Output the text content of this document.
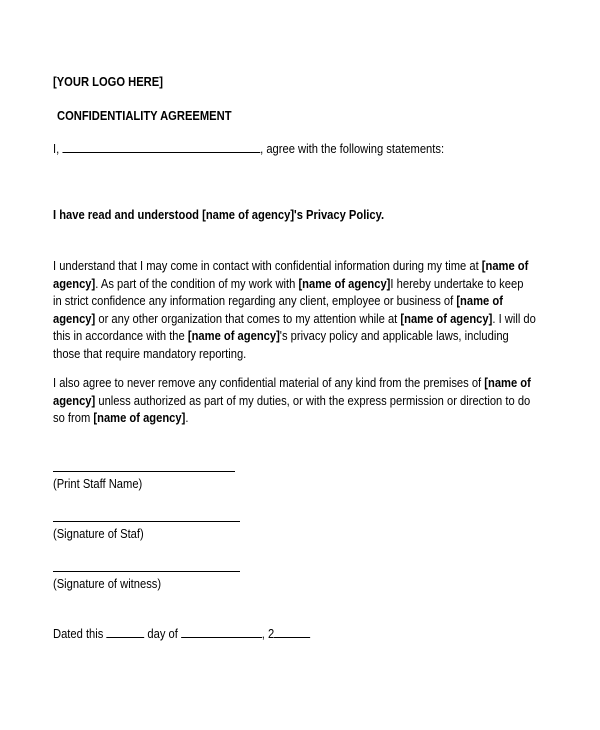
[YOUR LOGO HERE]
CONFIDENTIALITY AGREEMENT
I,	, agree with the following statements:
I have read and understood [name of agency]'s Privacy Policy.
I understand that I may come in contact with confidential information during my time at [name of
agency]. As part of the condition of my work with [name of agency]I hereby undertake to keep
in strict confidence any information regarding any client, employee or business of [name of
agency] or any other organization that comes to my attention while at [name of agency]. I will do
this in accordance with the [name of agency]'s privacy policy and applicable laws, including
those that require mandatory reporting.
I also agree to never remove any confidential material of any kind from the premises of [name of
agency] unless authorized as part of my duties, or with the express permission or direction to do
so from [name of agency].
(Print Staff Name)
(Signature of Staf)
(Signature of witness)
Dated this	day of	, 2
